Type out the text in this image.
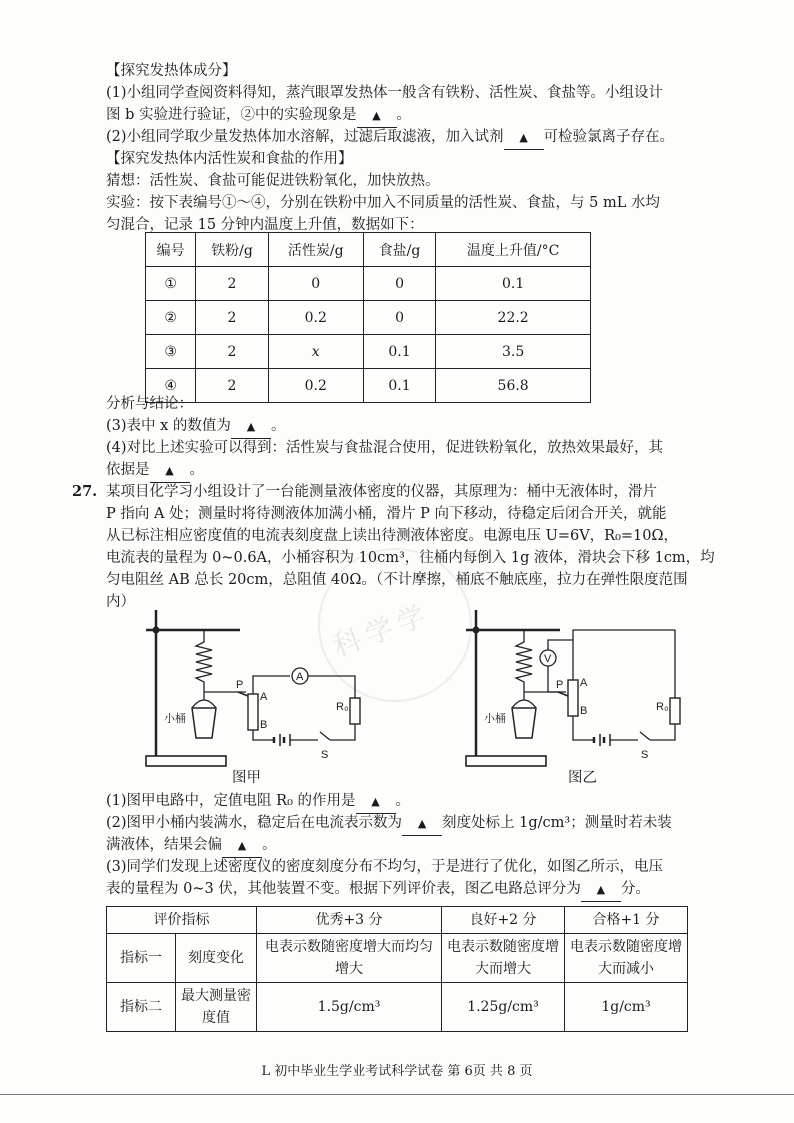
【探究发热体成分】
(1)小组同学查阅资料得知，蒸汽眼罩发热体一般含有铁粉、活性炭、食盐等。小组设计
图 b 实验进行验证，②中的实验现象是 ▲ 。
(2)小组同学取少量发热体加水溶解，过滤后取滤液，加入试剂 ▲ 可检验氯离子存在。
【探究发热体内活性炭和食盐的作用】
猜想：活性炭、食盐可能促进铁粉氧化，加快放热。
实验：按下表编号①～④，分别在铁粉中加入不同质量的活性炭、食盐，与 5 mL 水均
匀混合，记录 15 分钟内温度上升值，数据如下：
编号	铁粉/g	活性炭/g	食盐/g	温度上升值/°C
①	2	0	0	0.1
②	2	0.2	0	22.2
③	2	x	0.1	3.5
④	2	0.2	0.1	56.8
分析与结论：
(3)表中 x 的数值为 ▲ 。
(4)对比上述实验可以得到：活性炭与食盐混合使用，促进铁粉氧化，放热效果最好，其
依据是 ▲ 。
27. 某项目化学习小组设计了一台能测量液体密度的仪器，其原理为：桶中无液体时，滑片
P 指向 A 处；测量时将待测液体加满小桶，滑片 P 向下移动，待稳定后闭合开关，就能
从已标注相应密度值的电流表刻度盘上读出待测液体密度。电源电压 U=6V，R₀=10Ω，
电流表的量程为 0~0.6A，小桶容积为 10cm³，往桶内每倒入 1g 液体，滑块会下移 1cm，均
匀电阻丝 AB 总长 20cm，总阻值 40Ω。（不计摩擦，桶底不触底座，拉力在弹性限度范围
内）	科学学
小桶
P
A
B
A
R₀
S
图甲
小桶
P A
B
V
R₀
S
图乙
(1)图甲电路中，定值电阻 R₀ 的作用是 ▲ 。
(2)图甲小桶内装满水，稳定后在电流表示数为 ▲ 刻度处标上 1g/cm³；测量时若未装
满液体，结果会偏 ▲ 。
(3)同学们发现上述密度仪的密度刻度分布不均匀，于是进行了优化，如图乙所示，电压
表的量程为 0~3 伏，其他装置不变。根据下列评价表，图乙电路总评分为 ▲ 分。
评价指标		优秀+3 分	良好+2 分	合格+1 分
指标一	刻度变化	电表示数随密度增大而均匀增大	电表示数随密度增大而增大	电表示数随密度增大而减小
指标二	最大测量密度值	1.5g/cm³	1.25g/cm³	1g/cm³
L 初中毕业生学业考试科学试卷 第 6页 共 8 页
